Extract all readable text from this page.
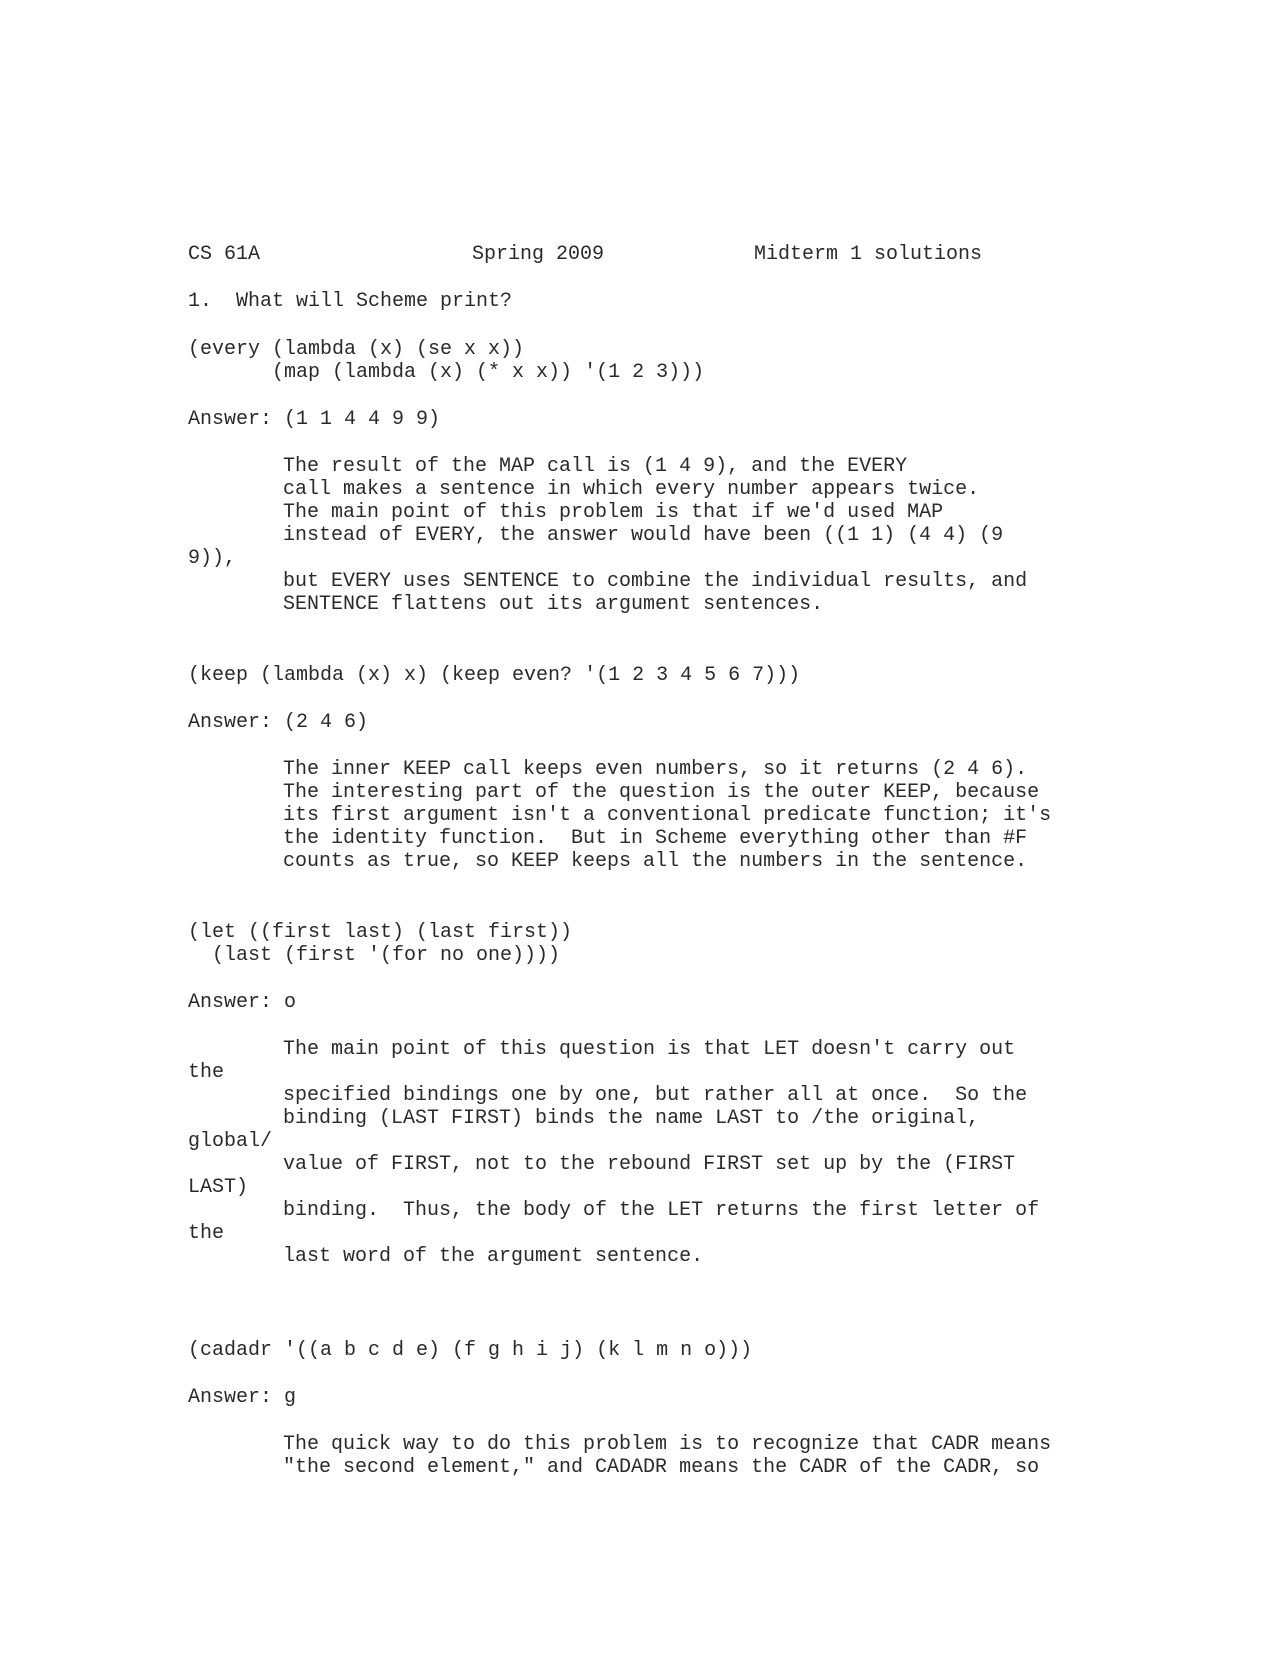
CS 61A	Spring 2009	Midterm 1 solutions
1.  What will Scheme print?
(every (lambda (x) (se x x))
(map (lambda (x) (* x x)) '(1 2 3)))
Answer: (1 1 4 4 9 9)
The result of the MAP call is (1 4 9), and the EVERY
call makes a sentence in which every number appears twice.
The main point of this problem is that if we'd used MAP
instead of EVERY, the answer would have been ((1 1) (4 4) (9
9)),
but EVERY uses SENTENCE to combine the individual results, and
SENTENCE flattens out its argument sentences.
(keep (lambda (x) x) (keep even? '(1 2 3 4 5 6 7)))
Answer: (2 4 6)
The inner KEEP call keeps even numbers, so it returns (2 4 6).
The interesting part of the question is the outer KEEP, because
its first argument isn't a conventional predicate function; it's
the identity function.  But in Scheme everything other than #F
counts as true, so KEEP keeps all the numbers in the sentence.
(let ((first last) (last first))
(last (first '(for no one))))
Answer: o
The main point of this question is that LET doesn't carry out
the
specified bindings one by one, but rather all at once.  So the
binding (LAST FIRST) binds the name LAST to /the original,
global/
value of FIRST, not to the rebound FIRST set up by the (FIRST
LAST)
binding.  Thus, the body of the LET returns the first letter of
the
last word of the argument sentence.
(cadadr '((a b c d e) (f g h i j) (k l m n o)))
Answer: g
The quick way to do this problem is to recognize that CADR means
"the second element," and CADADR means the CADR of the CADR, so
